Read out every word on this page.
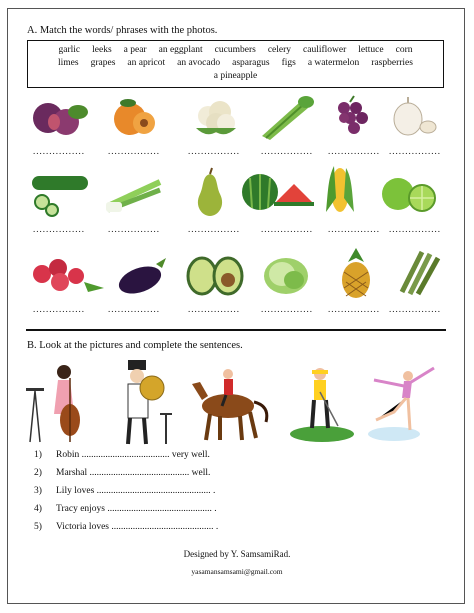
A. Match the words/ phrases with the photos.
garlic leeks a pear an eggplant cucumbers celery cauliflower lettuce corn
limes grapes an apricot an avocado asparagus figs a watermelon raspberries
a pineapple
................	................	................	................	................	................
................	................	................	................	................	................
................	................	................	................	................	................
B. Look at the pictures and complete the sentences.
1) Robin ..................................... very well.
2) Marshal .......................................... well.
3) Lily loves ................................................ .
4) Tracy enjoys ............................................ .
5) Victoria loves ........................................... .
Designed by Y. SamsamiRad.
yasamansamsami@gmail.com
